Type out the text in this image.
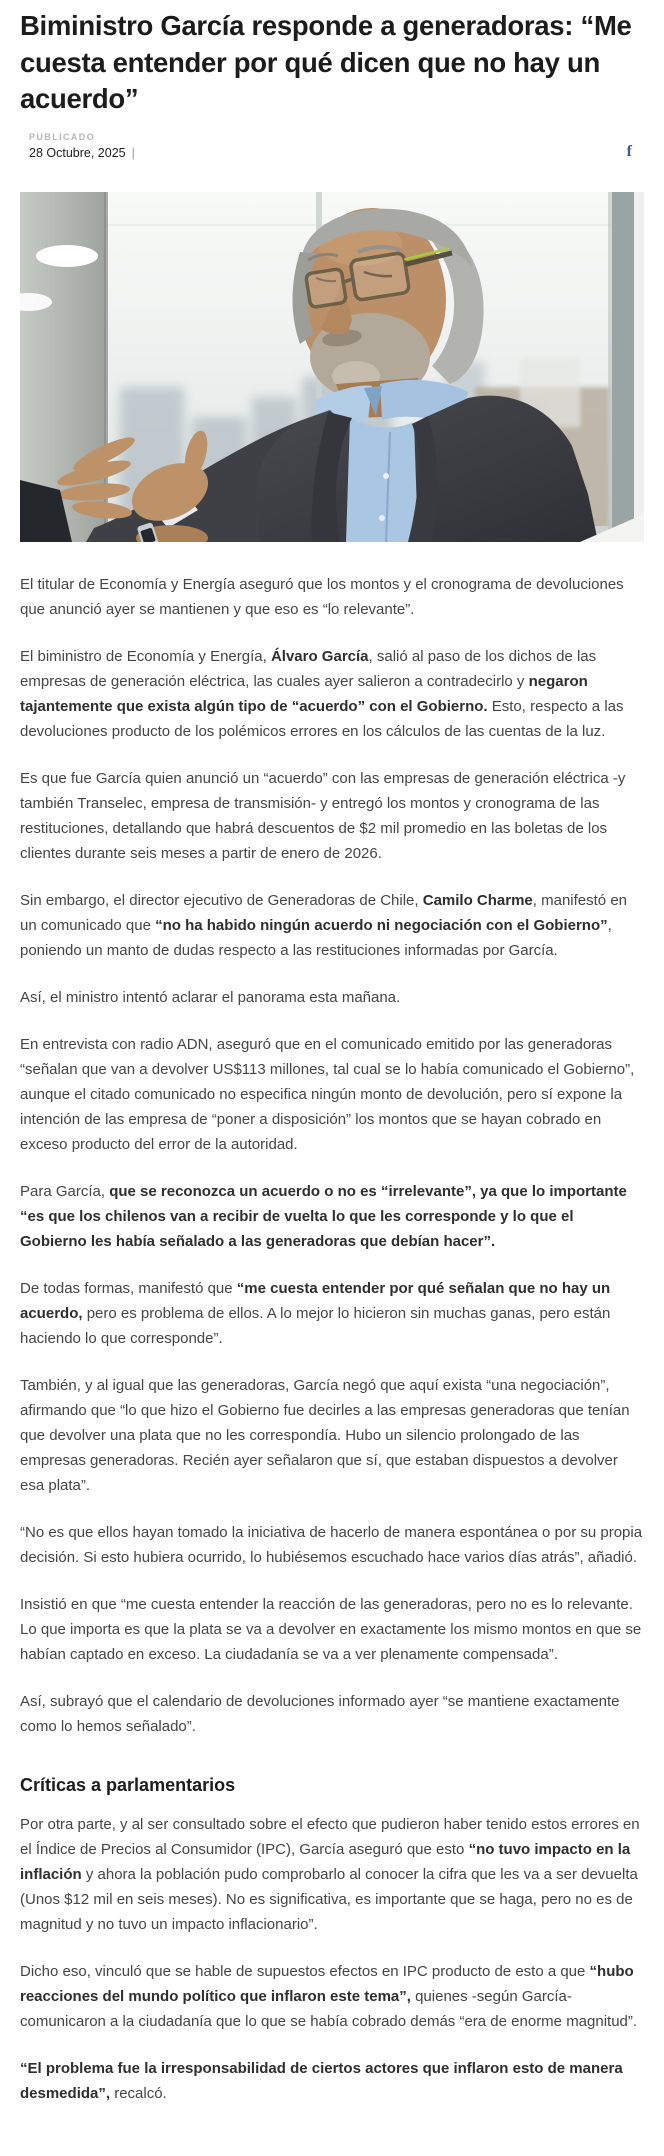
Biministro García responde a generadoras: “Me cuesta entender por qué dicen que no hay un acuerdo”
PUBLICADO
28 Octubre, 2025 |	f

El titular de Economía y Energía aseguró que los montos y el cronograma de devoluciones que anunció ayer se mantienen y que eso es “lo relevante”.

El biministro de Economía y Energía, Álvaro García, salió al paso de los dichos de las empresas de generación eléctrica, las cuales ayer salieron a contradecirlo y negaron tajantemente que exista algún tipo de “acuerdo” con el Gobierno. Esto, respecto a las devoluciones producto de los polémicos errores en los cálculos de las cuentas de la luz.

Es que fue García quien anunció un “acuerdo” con las empresas de generación eléctrica -y también Transelec, empresa de transmisión- y entregó los montos y cronograma de las restituciones, detallando que habrá descuentos de $2 mil promedio en las boletas de los clientes durante seis meses a partir de enero de 2026.

Sin embargo, el director ejecutivo de Generadoras de Chile, Camilo Charme, manifestó en un comunicado que “no ha habido ningún acuerdo ni negociación con el Gobierno”, poniendo un manto de dudas respecto a las restituciones informadas por García.

Así, el ministro intentó aclarar el panorama esta mañana.

En entrevista con radio ADN, aseguró que en el comunicado emitido por las generadoras “señalan que van a devolver US$113 millones, tal cual se lo había comunicado el Gobierno”, aunque el citado comunicado no especifica ningún monto de devolución, pero sí expone la intención de las empresa de “poner a disposición” los montos que se hayan cobrado en exceso producto del error de la autoridad.

Para García, que se reconozca un acuerdo o no es “irrelevante”, ya que lo importante “es que los chilenos van a recibir de vuelta lo que les corresponde y lo que el Gobierno les había señalado a las generadoras que debían hacer”.

De todas formas, manifestó que “me cuesta entender por qué señalan que no hay un acuerdo, pero es problema de ellos. A lo mejor lo hicieron sin muchas ganas, pero están haciendo lo que corresponde”.

También, y al igual que las generadoras, García negó que aquí exista “una negociación”, afirmando que “lo que hizo el Gobierno fue decirles a las empresas generadoras que tenían que devolver una plata que no les correspondía. Hubo un silencio prolongado de las empresas generadoras. Recién ayer señalaron que sí, que estaban dispuestos a devolver esa plata”.

“No es que ellos hayan tomado la iniciativa de hacerlo de manera espontánea o por su propia decisión. Si esto hubiera ocurrido, lo hubiésemos escuchado hace varios días atrás”, añadió.

Insistió en que “me cuesta entender la reacción de las generadoras, pero no es lo relevante. Lo que importa es que la plata se va a devolver en exactamente los mismo montos en que se habían captado en exceso. La ciudadanía se va a ver plenamente compensada”.

Así, subrayó que el calendario de devoluciones informado ayer “se mantiene exactamente como lo hemos señalado”.

Críticas a parlamentarios

Por otra parte, y al ser consultado sobre el efecto que pudieron haber tenido estos errores en el Índice de Precios al Consumidor (IPC), García aseguró que esto “no tuvo impacto en la inflación y ahora la población pudo comprobarlo al conocer la cifra que les va a ser devuelta (Unos $12 mil en seis meses). No es significativa, es importante que se haga, pero no es de magnitud y no tuvo un impacto inflacionario”.

Dicho eso, vinculó que se hable de supuestos efectos en IPC producto de esto a que “hubo reacciones del mundo político que inflaron este tema”, quienes -según García- comunicaron a la ciudadanía que lo que se había cobrado demás “era de enorme magnitud”.

“El problema fue la irresponsabilidad de ciertos actores que inflaron esto de manera desmedida”, recalcó.
